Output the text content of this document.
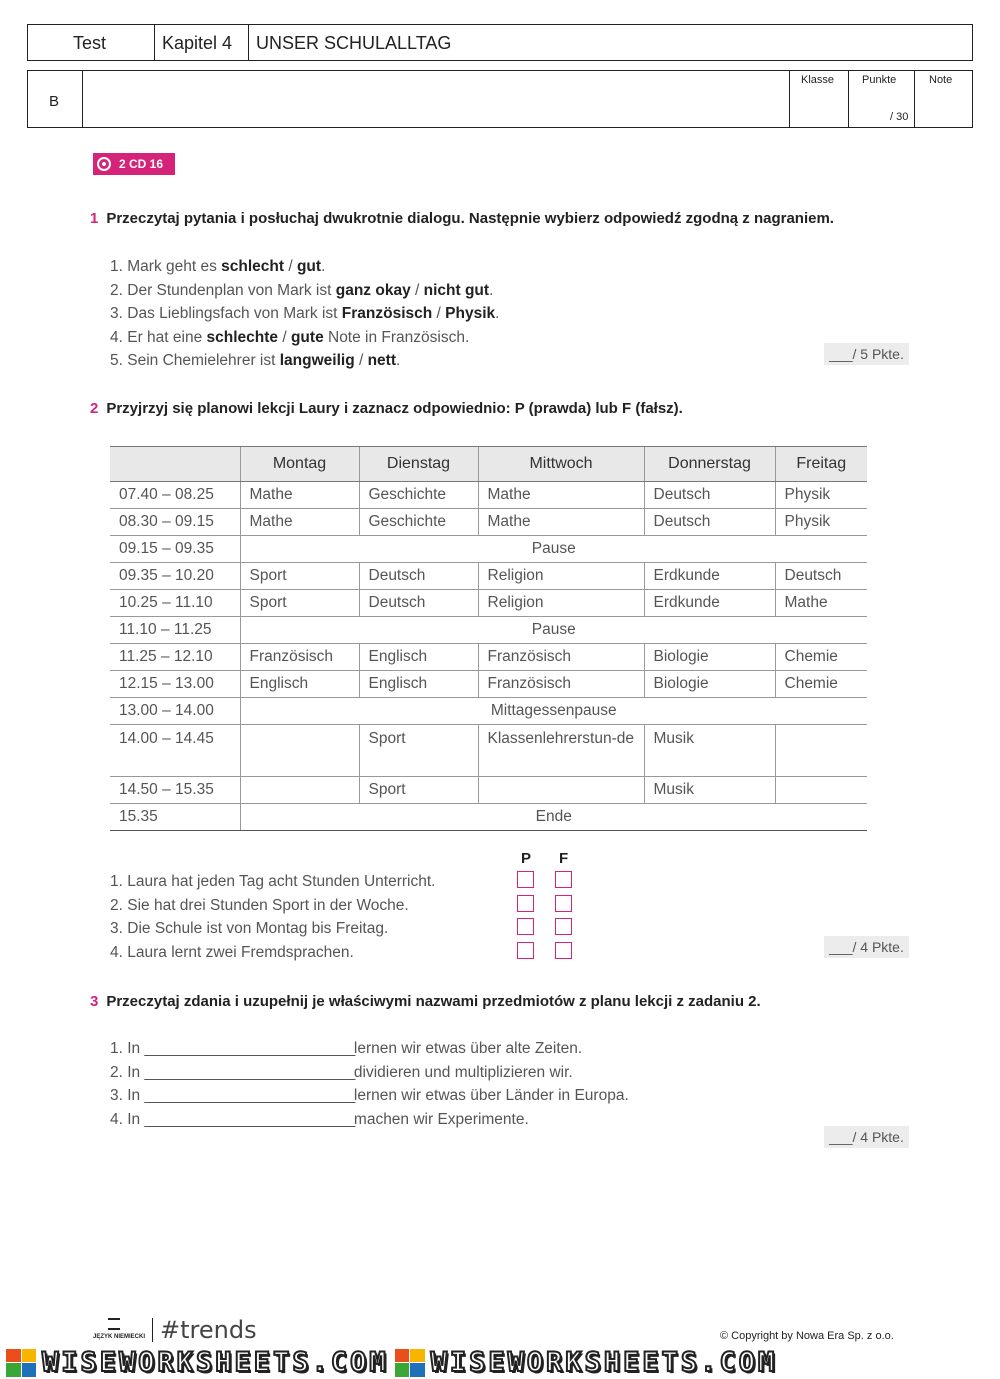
Test	Kapitel 4 UNSER SCHULALLTAG
B
Klasse	Punkte	Note
/ 30
2 CD 16
1 Przeczytaj pytania i posłuchaj dwukrotnie dialogu. Następnie wybierz odpowiedź zgodną z nagraniem.
1. Mark geht es schlecht / gut.
2. Der Stundenplan von Mark ist ganz okay / nicht gut.
3. Das Lieblingsfach von Mark ist Französisch / Physik.
4. Er hat eine schlechte / gute Note in Französisch.
5. Sein Chemielehrer ist langweilig / nett.	___/ 5 Pkte.
2 Przyjrzyj się planowi lekcji Laury i zaznacz odpowiednio: P (prawda) lub F (fałsz).
	Montag	Dienstag	Mittwoch	Donnerstag	Freitag
07.40 – 08.25	Mathe	Geschichte	Mathe	Deutsch	Physik
08.30 – 09.15	Mathe	Geschichte	Mathe	Deutsch	Physik
09.15 – 09.35	Pause				
09.35 – 10.20	Sport	Deutsch	Religion	Erdkunde	Deutsch
10.25 – 11.10	Sport	Deutsch	Religion	Erdkunde	Mathe
11.10 – 11.25	Pause				
11.25 – 12.10	Französisch	Englisch	Französisch	Biologie	Chemie
12.15 – 13.00	Englisch	Englisch	Französisch	Biologie	Chemie
13.00 – 14.00	Mittagessenpause				
14.00 – 14.45		Sport	Klassenlehrerstun-de	Musik	
14.50 – 15.35		Sport		Musik	
15.35	Ende				
P F
1. Laura hat jeden Tag acht Stunden Unterricht.
2. Sie hat drei Stunden Sport in der Woche.
3. Die Schule ist von Montag bis Freitag.
4. Laura lernt zwei Fremdsprachen.	___/ 4 Pkte.
3 Przeczytaj zdania i uzupełnij je właściwymi nazwami przedmiotów z planu lekcji z zadaniu 2.
1. In _____________________________lernen wir etwas über alte Zeiten.
2. In _____________________________dividieren und multiplizieren wir.
3. In _____________________________lernen wir etwas über Länder in Europa.
4. In _____________________________machen wir Experimente.
___/ 4 Pkte.
JĘZYK NIEMIECKI #trends	© Copyright by Nowa Era Sp. z o.o.
WISEWORKSHEETS.COM WISEWORKSHEETS.COM
